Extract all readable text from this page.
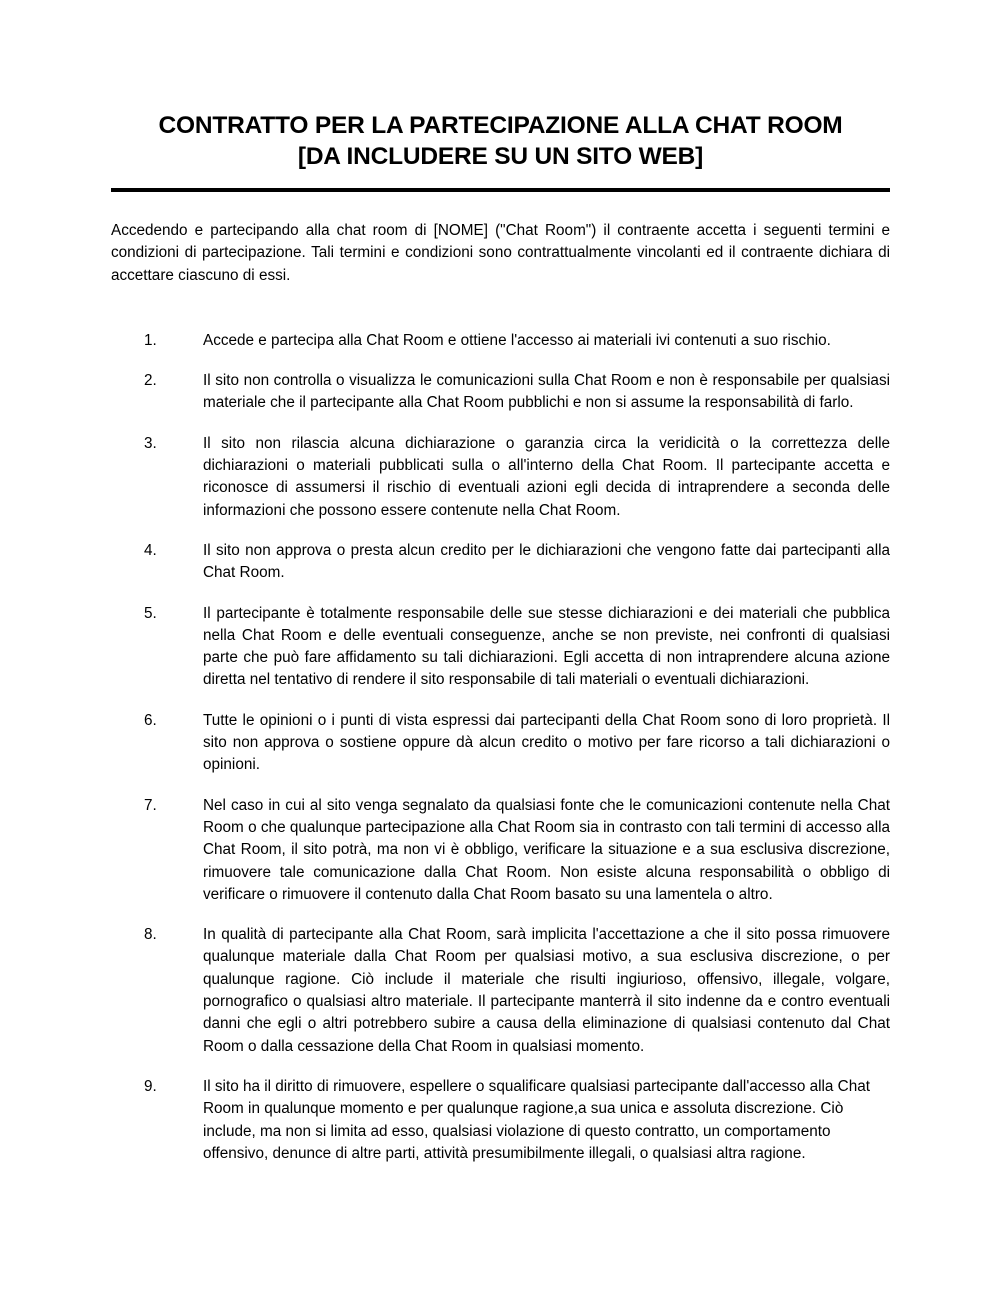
CONTRATTO PER LA PARTECIPAZIONE ALLA CHAT ROOM
[DA INCLUDERE SU UN SITO WEB]

Accedendo e partecipando alla chat room di [NOME] ("Chat Room") il contraente accetta i seguenti termini e condizioni di partecipazione. Tali termini e condizioni sono contrattualmente vincolanti ed il contraente dichiara di accettare ciascuno di essi.

1.	Accede e partecipa alla Chat Room e ottiene l'accesso ai materiali ivi contenuti a suo rischio.
2.	Il sito non controlla o visualizza le comunicazioni sulla Chat Room e non è responsabile per qualsiasi materiale che il partecipante alla Chat Room pubblichi e non si assume la responsabilità di farlo.
3.	Il sito non rilascia alcuna dichiarazione o garanzia circa la veridicità o la correttezza delle dichiarazioni o materiali pubblicati sulla o all'interno della Chat Room. Il partecipante accetta e riconosce di assumersi il rischio di eventuali azioni egli decida di intraprendere a seconda delle informazioni che possono essere contenute nella Chat Room.
4.	Il sito non approva o presta alcun credito per le dichiarazioni che vengono fatte dai partecipanti alla Chat Room.
5.	Il partecipante è totalmente responsabile delle sue stesse dichiarazioni e dei materiali che pubblica nella Chat Room e delle eventuali conseguenze, anche se non previste, nei confronti di qualsiasi parte che può fare affidamento su tali dichiarazioni. Egli accetta di non intraprendere alcuna azione diretta nel tentativo di rendere il sito responsabile di tali materiali o eventuali dichiarazioni.
6.	Tutte le opinioni o i punti di vista espressi dai partecipanti della Chat Room sono di loro proprietà. Il sito non approva o sostiene oppure dà alcun credito o motivo per fare ricorso a tali dichiarazioni o opinioni.
7.	Nel caso in cui al sito venga segnalato da qualsiasi fonte che le comunicazioni contenute nella Chat Room o che qualunque partecipazione alla Chat Room sia in contrasto con tali termini di accesso alla Chat Room, il sito potrà, ma non vi è obbligo, verificare la situazione e a sua esclusiva discrezione, rimuovere tale comunicazione dalla Chat Room. Non esiste alcuna responsabilità o obbligo di verificare o rimuovere il contenuto dalla Chat Room basato su una lamentela o altro.
8.	In qualità di partecipante alla Chat Room, sarà implicita l'accettazione a che il sito possa rimuovere qualunque materiale dalla Chat Room per qualsiasi motivo, a sua esclusiva discrezione, o per qualunque ragione. Ciò include il materiale che risulti ingiurioso, offensivo, illegale, volgare, pornografico o qualsiasi altro materiale. Il partecipante manterrà il sito indenne da e contro eventuali danni che egli o altri potrebbero subire a causa della eliminazione di qualsiasi contenuto dal Chat Room o dalla cessazione della Chat Room in qualsiasi momento.
9.	Il sito ha il diritto di rimuovere, espellere o squalificare qualsiasi partecipante dall'accesso alla Chat Room in qualunque momento e per qualunque ragione,a sua unica e assoluta discrezione. Ciò include, ma non si limita ad esso, qualsiasi violazione di questo contratto, un comportamento offensivo, denunce di altre parti, attività presumibilmente illegali, o qualsiasi altra ragione.
